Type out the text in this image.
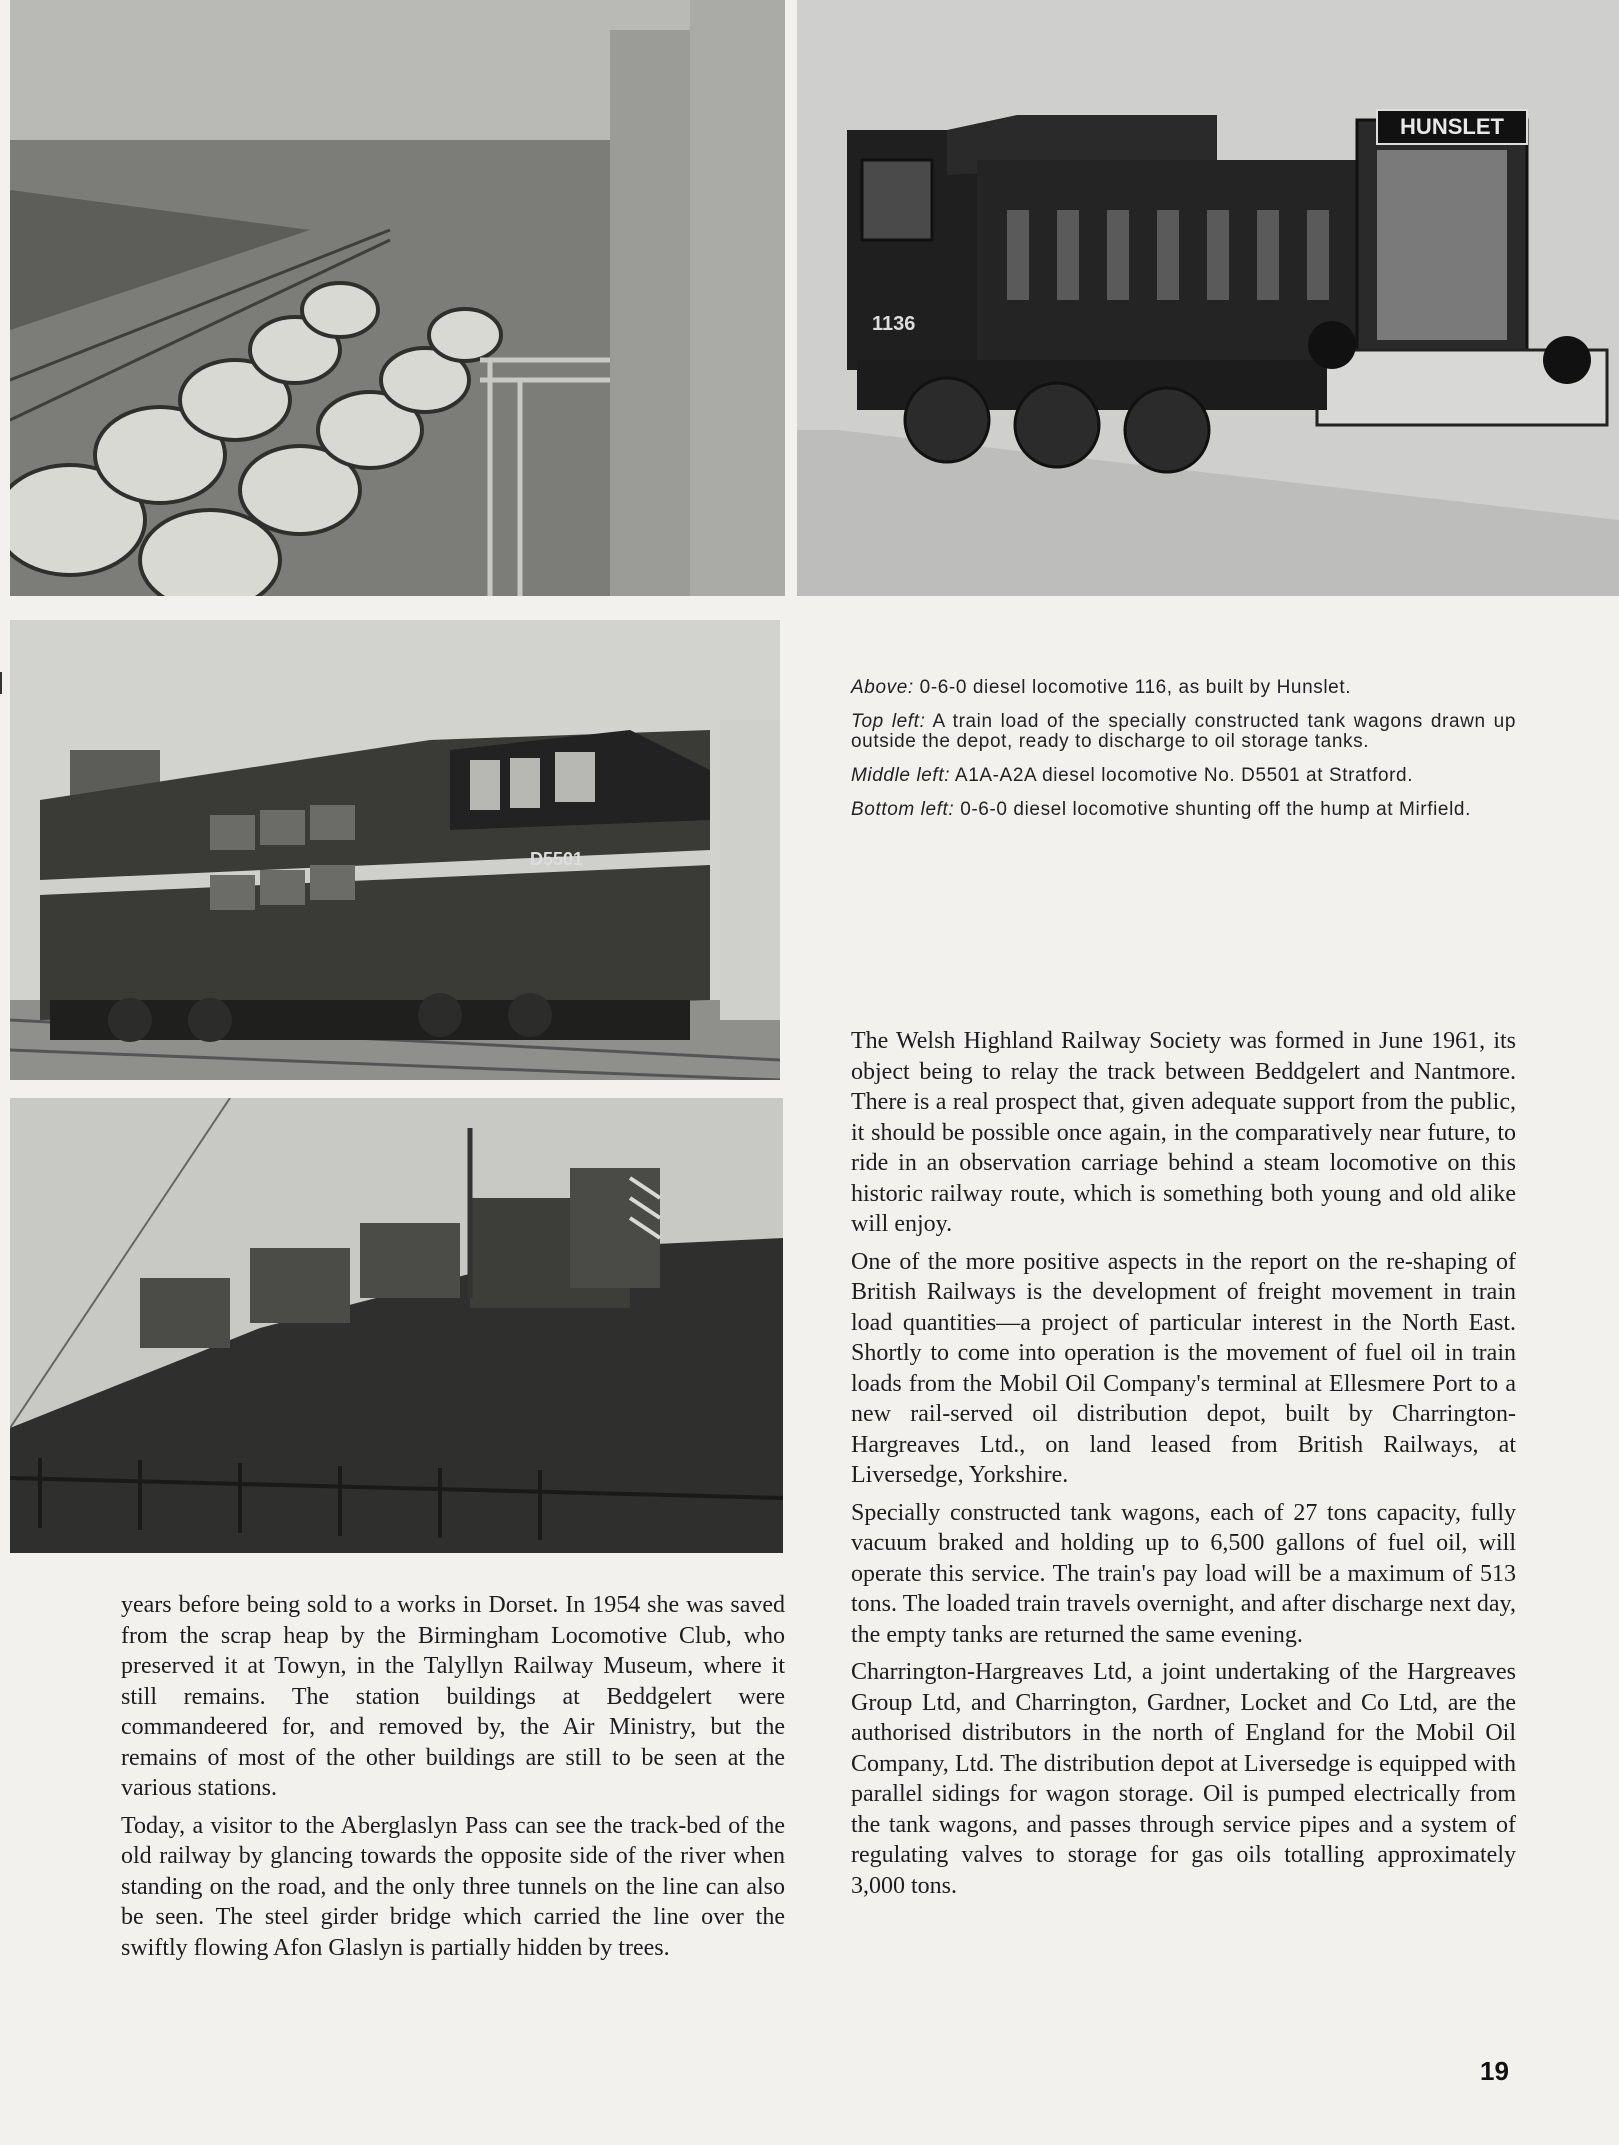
HUNSLET
1136
D5501

Above: 0-6-0 diesel locomotive 116, as built by Hunslet.

Top left: A train load of the specially constructed tank wagons drawn up outside the depot, ready to discharge to oil storage tanks.

Middle left: A1A-A2A diesel locomotive No. D5501 at Stratford.

Bottom left: 0-6-0 diesel locomotive shunting off the hump at Mirfield.

years before being sold to a works in Dorset. In 1954 she was saved from the scrap heap by the Birmingham Locomotive Club, who preserved it at Towyn, in the Talyllyn Railway Museum, where it still remains. The station buildings at Beddgelert were commandeered for, and removed by, the Air Ministry, but the remains of most of the other buildings are still to be seen at the various stations.

Today, a visitor to the Aberglaslyn Pass can see the track-bed of the old railway by glancing towards the opposite side of the river when standing on the road, and the only three tunnels on the line can also be seen. The steel girder bridge which carried the line over the swiftly flowing Afon Glaslyn is partially hidden by trees.

The Welsh Highland Railway Society was formed in June 1961, its object being to relay the track between Beddgelert and Nantmore. There is a real prospect that, given adequate support from the public, it should be possible once again, in the comparatively near future, to ride in an observation carriage behind a steam locomotive on this historic railway route, which is something both young and old alike will enjoy.

One of the more positive aspects in the report on the re-shaping of British Railways is the development of freight movement in train load quantities—a project of particular interest in the North East. Shortly to come into operation is the movement of fuel oil in train loads from the Mobil Oil Company's terminal at Ellesmere Port to a new rail-served oil distribution depot, built by Charrington-Hargreaves Ltd., on land leased from British Railways, at Liversedge, Yorkshire.

Specially constructed tank wagons, each of 27 tons capacity, fully vacuum braked and holding up to 6,500 gallons of fuel oil, will operate this service. The train's pay load will be a maximum of 513 tons. The loaded train travels overnight, and after discharge next day, the empty tanks are returned the same evening.

Charrington-Hargreaves Ltd, a joint undertaking of the Hargreaves Group Ltd, and Charrington, Gardner, Locket and Co Ltd, are the authorised distributors in the north of England for the Mobil Oil Company, Ltd. The distribution depot at Liversedge is equipped with parallel sidings for wagon storage. Oil is pumped electrically from the tank wagons, and passes through service pipes and a system of regulating valves to storage for gas oils totalling approximately 3,000 tons.

19
